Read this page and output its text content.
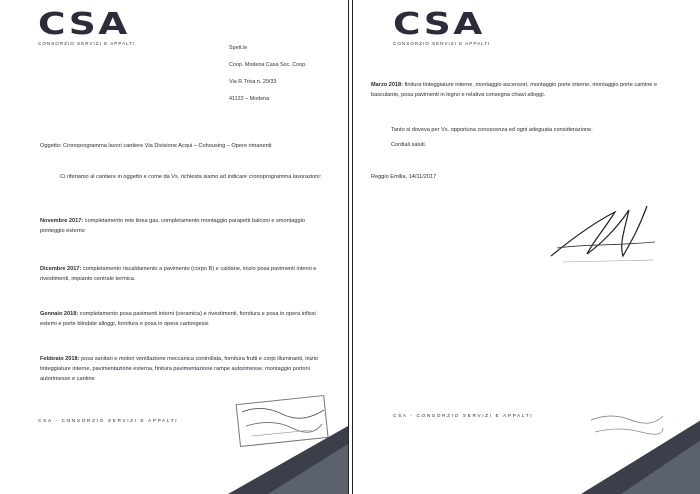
CSA
CONSORZIO SERVIZI E APPALTI
Spett.le
Coop. Modena Casa Soc. Coop.
Via R.Triva n. 29/33
41122 – Modena
Oggetto: Cronoprogramma lavori cantiere Via Divisione Acqui – Cohousing – Opere rimanenti
Ci riferiamo al cantiere in oggetto e come da Vs. richiesta siamo ad indicare cronoprogramma lavorazioni:
Novembre 2017: completamento rete linea gas, completamento montaggio parapetti balconi e smontaggio ponteggio esterno
Dicembre 2017: completamento riscaldamento a pavimento (corpo B) e caldane, inizio posa pavimenti interni e rivestimenti, impianto centrale termica.
Gennaio 2018: completamento posa pavimenti interni (ceramica) e rivestimenti, fornitura e posa in opera infissi esterni e porte blindate alloggi, fornitura e posa in opera cartongessi
Febbraio 2018: posa sanitari e motori ventilazione meccanica controllata, fornitura frutti e corpi illuminanti, inizio tinteggiature interne, pavimentazione esterna, finitura pavimentazione rampe autorimesse, montaggio portoni autorimesse e cantine
CSA - CONSORZIO SERVIZI E APPALTI
CSA
CONSORZIO SERVIZI E APPALTI
Marzo 2018: finitura tinteggiature interne, montaggio ascensori, montaggio porte interne, montaggio porte cantine e basculante, posa pavimenti in legno e relativa consegna chiavi alloggi.
Tanto si doveva per Vs. opportuna conoscenza ed ogni adeguata considerazione.
Cordiali saluti.
Reggio Emilia, 14/11/2017
CSA - CONSORZIO SERVIZI E APPALTI
